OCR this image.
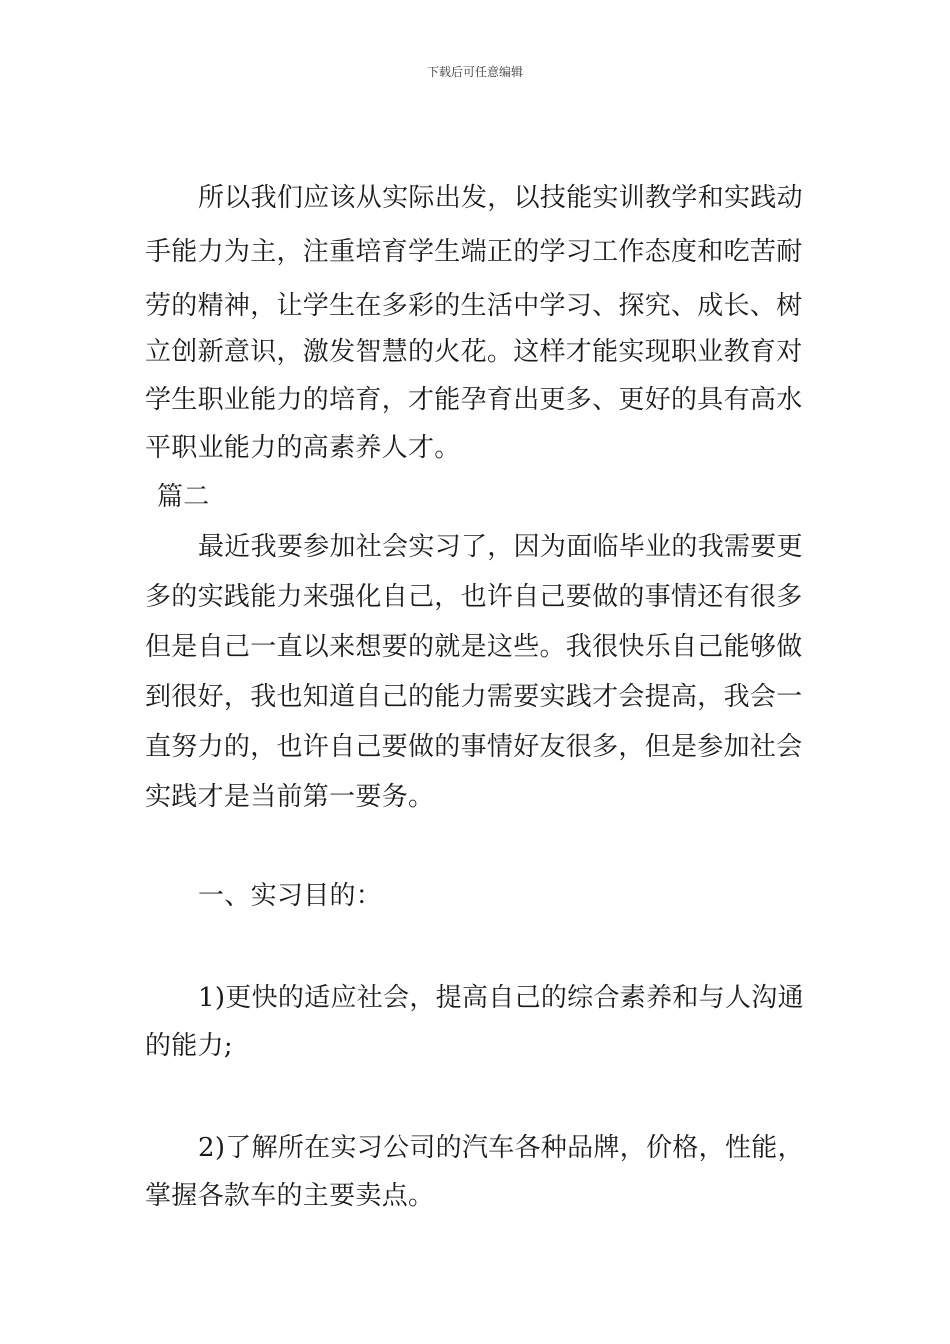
下载后可任意编辑
所以我们应该从实际出发，以技能实训教学和实践动
手能力为主，注重培育学生端正的学习工作态度和吃苦耐
劳的精神，让学生在多彩的生活中学习、探究、成长、树
立创新意识，激发智慧的火花。这样才能实现职业教育对
学生职业能力的培育，才能孕育出更多、更好的具有高水
平职业能力的高素养人才。
篇二
最近我要参加社会实习了，因为面临毕业的我需要更
多的实践能力来强化自己，也许自己要做的事情还有很多
但是自己一直以来想要的就是这些。我很快乐自己能够做
到很好，我也知道自己的能力需要实践才会提高，我会一
直努力的，也许自己要做的事情好友很多，但是参加社会
实践才是当前第一要务。
一、实习目的：
1)更快的适应社会，提高自己的综合素养和与人沟通
的能力;
2)了解所在实习公司的汽车各种品牌，价格，性能，
掌握各款车的主要卖点。
